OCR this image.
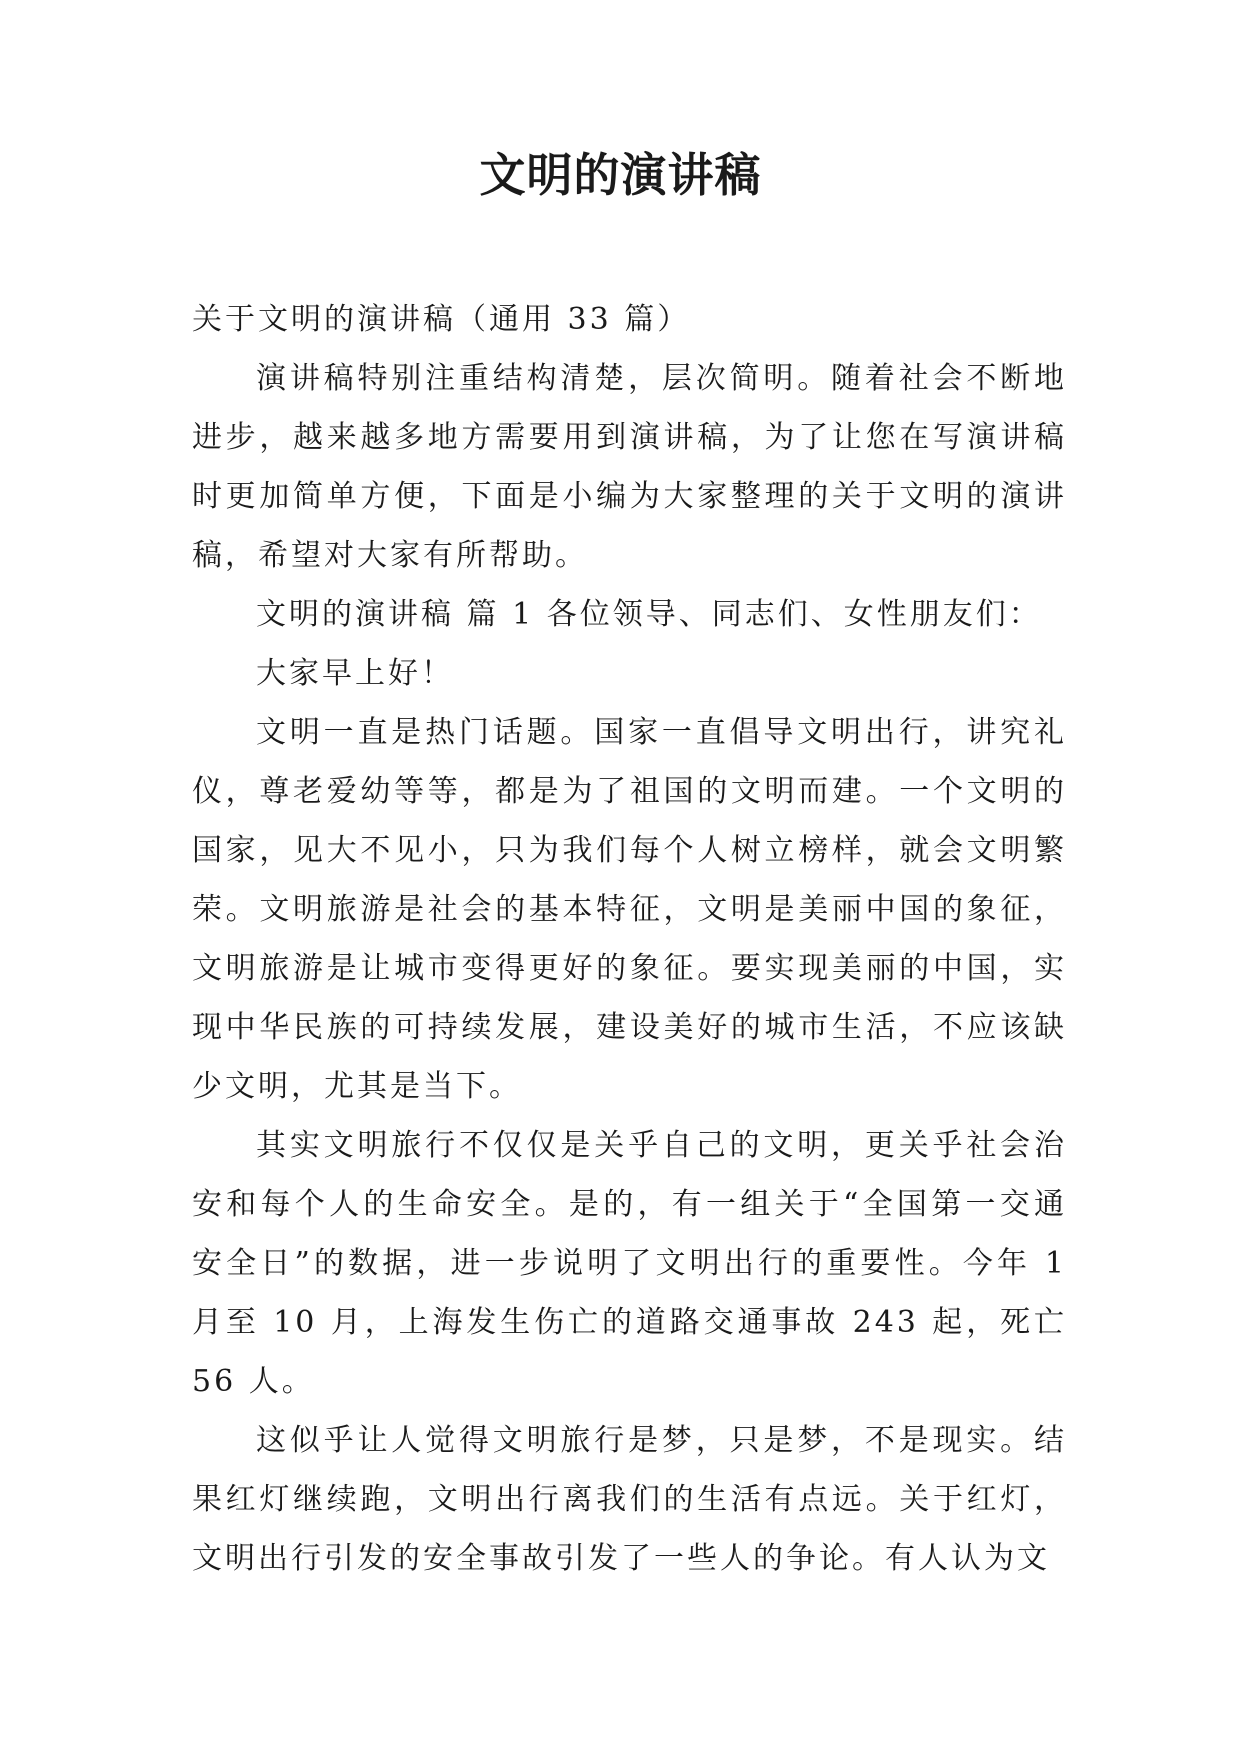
文明的演讲稿

关于文明的演讲稿（通用 33 篇）

演讲稿特别注重结构清楚，层次简明。随着社会不断地进步，越来越多地方需要用到演讲稿，为了让您在写演讲稿时更加简单方便，下面是小编为大家整理的关于文明的演讲稿，希望对大家有所帮助。

文明的演讲稿 篇 1 各位领导、同志们、女性朋友们：

大家早上好！

文明一直是热门话题。国家一直倡导文明出行，讲究礼仪，尊老爱幼等等，都是为了祖国的文明而建。一个文明的国家，见大不见小，只为我们每个人树立榜样，就会文明繁荣。文明旅游是社会的基本特征，文明是美丽中国的象征，文明旅游是让城市变得更好的象征。要实现美丽的中国，实现中华民族的可持续发展，建设美好的城市生活，不应该缺少文明，尤其是当下。

其实文明旅行不仅仅是关乎自己的文明，更关乎社会治安和每个人的生命安全。是的，有一组关于“全国第一交通安全日”的数据，进一步说明了文明出行的重要性。今年 1 月至 10 月，上海发生伤亡的道路交通事故 243 起，死亡 56 人。

这似乎让人觉得文明旅行是梦，只是梦，不是现实。结果红灯继续跑，文明出行离我们的生活有点远。关于红灯，文明出行引发的安全事故引发了一些人的争论。有人认为文
